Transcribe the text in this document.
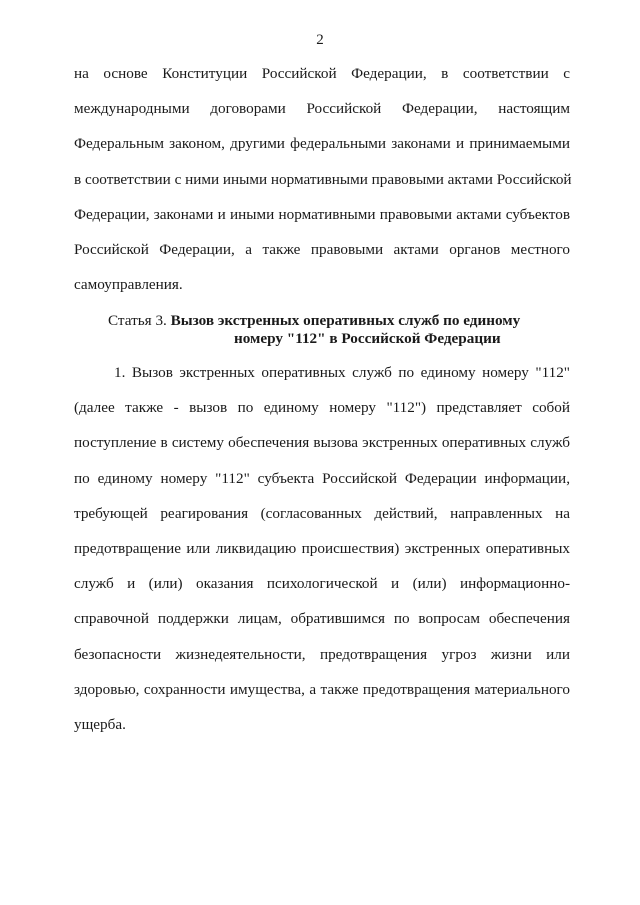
2
на основе Конституции Российской Федерации, в соответствии с
международными договорами Российской Федерации, настоящим
Федеральным законом, другими федеральными законами и принимаемыми
в соответствии с ними иными нормативными правовыми актами Российской
Федерации, законами и иными нормативными правовыми актами субъектов
Российской Федерации, а также правовыми актами органов местного
самоуправления.
Статья 3. Вызов экстренных оперативных служб по единому
номеру "112" в Российской Федерации
1. Вызов экстренных оперативных служб по единому номеру "112"
(далее также - вызов по единому номеру "112") представляет собой
поступление в систему обеспечения вызова экстренных оперативных служб
по единому номеру "112" субъекта Российской Федерации информации,
требующей реагирования (согласованных действий, направленных на
предотвращение или ликвидацию происшествия) экстренных оперативных
служб и (или) оказания психологической и (или) информационно-
справочной поддержки лицам, обратившимся по вопросам обеспечения
безопасности жизнедеятельности, предотвращения угроз жизни или
здоровью, сохранности имущества, а также предотвращения материального
ущерба.
